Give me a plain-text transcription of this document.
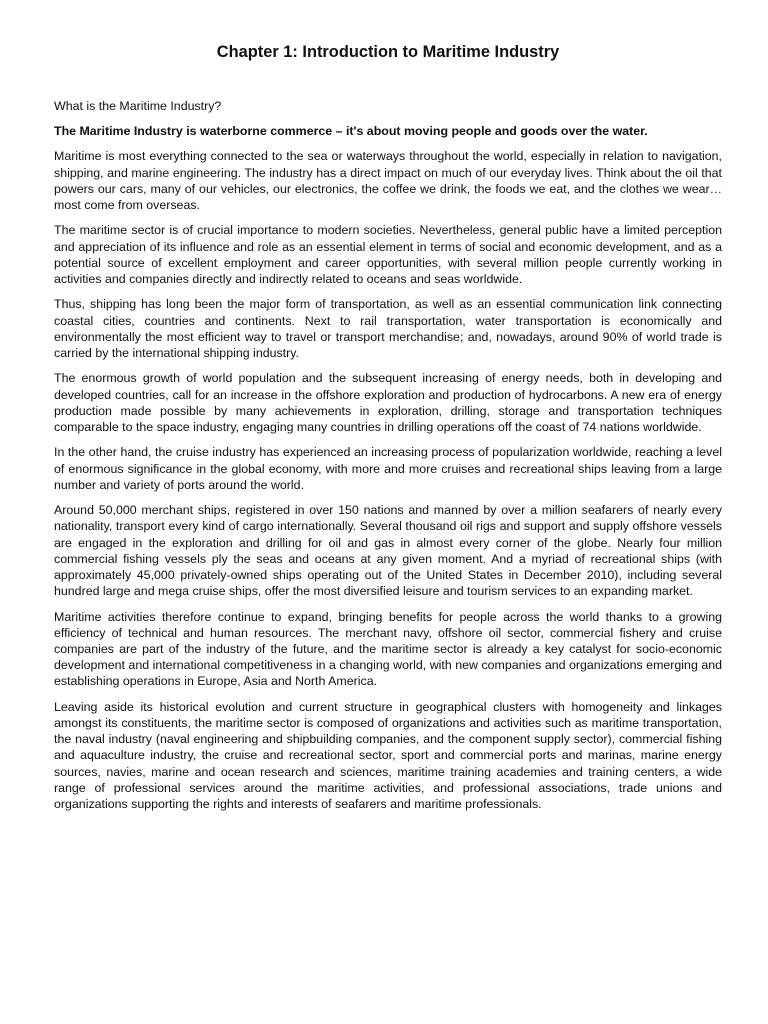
Chapter 1: Introduction to Maritime Industry

What is the Maritime Industry?

The Maritime Industry is waterborne commerce – it's about moving people and goods over the water.

Maritime is most everything connected to the sea or waterways throughout the world, especially in relation to navigation, shipping, and marine engineering. The industry has a direct impact on much of our everyday lives. Think about the oil that powers our cars, many of our vehicles, our electronics, the coffee we drink, the foods we eat, and the clothes we wear… most come from overseas.

The maritime sector is of crucial importance to modern societies. Nevertheless, general public have a limited perception and appreciation of its influence and role as an essential element in terms of social and economic development, and as a potential source of excellent employment and career opportunities, with several million people currently working in activities and companies directly and indirectly related to oceans and seas worldwide.

Thus, shipping has long been the major form of transportation, as well as an essential communication link connecting coastal cities, countries and continents. Next to rail transportation, water transportation is economically and environmentally the most efficient way to travel or transport merchandise; and, nowadays, around 90% of world trade is carried by the international shipping industry.

The enormous growth of world population and the subsequent increasing of energy needs, both in developing and developed countries, call for an increase in the offshore exploration and production of hydrocarbons. A new era of energy production made possible by many achievements in exploration, drilling, storage and transportation techniques comparable to the space industry, engaging many countries in drilling operations off the coast of 74 nations worldwide.

In the other hand, the cruise industry has experienced an increasing process of popularization worldwide, reaching a level of enormous significance in the global economy, with more and more cruises and recreational ships leaving from a large number and variety of ports around the world.

Around 50,000 merchant ships, registered in over 150 nations and manned by over a million seafarers of nearly every nationality, transport every kind of cargo internationally. Several thousand oil rigs and support and supply offshore vessels are engaged in the exploration and drilling for oil and gas in almost every corner of the globe. Nearly four million commercial fishing vessels ply the seas and oceans at any given moment. And a myriad of recreational ships (with approximately 45,000 privately-owned ships operating out of the United States in December 2010), including several hundred large and mega cruise ships, offer the most diversified leisure and tourism services to an expanding market.

Maritime activities therefore continue to expand, bringing benefits for people across the world thanks to a growing efficiency of technical and human resources. The merchant navy, offshore oil sector, commercial fishery and cruise companies are part of the industry of the future, and the maritime sector is already a key catalyst for socio-economic development and international competitiveness in a changing world, with new companies and organizations emerging and establishing operations in Europe, Asia and North America.

Leaving aside its historical evolution and current structure in geographical clusters with homogeneity and linkages amongst its constituents, the maritime sector is composed of organizations and activities such as maritime transportation, the naval industry (naval engineering and shipbuilding companies, and the component supply sector), commercial fishing and aquaculture industry, the cruise and recreational sector, sport and commercial ports and marinas, marine energy sources, navies, marine and ocean research and sciences, maritime training academies and training centers, a wide range of professional services around the maritime activities, and professional associations, trade unions and organizations supporting the rights and interests of seafarers and maritime professionals.
